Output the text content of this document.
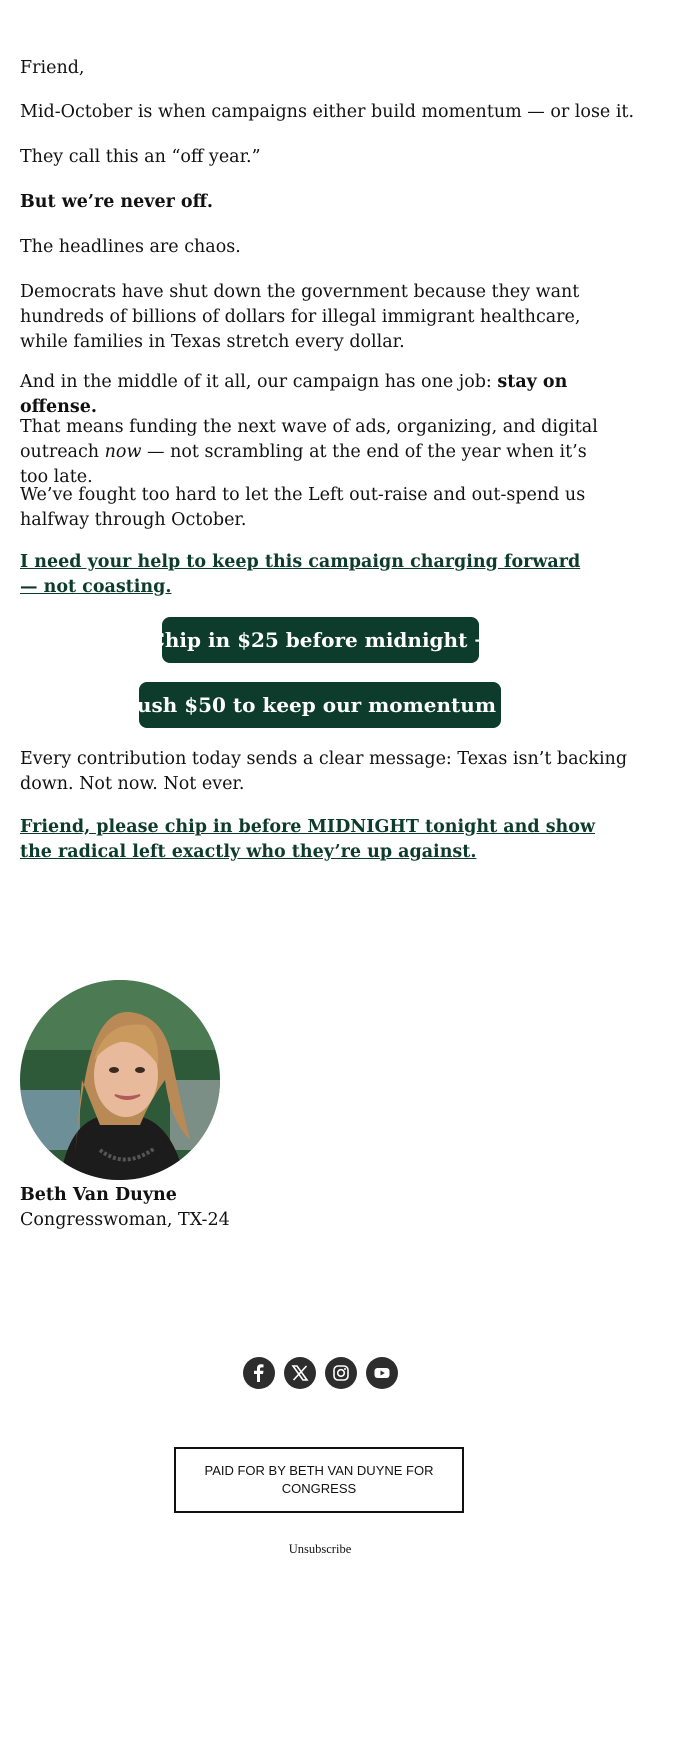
Friend,

Mid-October is when campaigns either build momentum — or lose it.

They call this an “off year.”

But we’re never off.

The headlines are chaos.

Democrats have shut down the government because they want hundreds of billions of dollars for illegal immigrant healthcare, while families in Texas stretch every dollar.

And in the middle of it all, our campaign has one job: stay on offense.

That means funding the next wave of ads, organizing, and digital outreach now — not scrambling at the end of the year when it’s too late.

We’ve fought too hard to let the Left out-raise and out-spend us halfway through October.

I need your help to keep this campaign charging forward — not coasting.

Chip in $25 before midnight →
Rush $50 to keep our momentum →

Every contribution today sends a clear message: Texas isn’t backing down. Not now. Not ever.

Friend, please chip in before MIDNIGHT tonight and show the radical left exactly who they’re up against.

Beth Van Duyne

Congresswoman, TX-24

PAID FOR BY BETH VAN DUYNE FOR CONGRESS
Unsubscribe
